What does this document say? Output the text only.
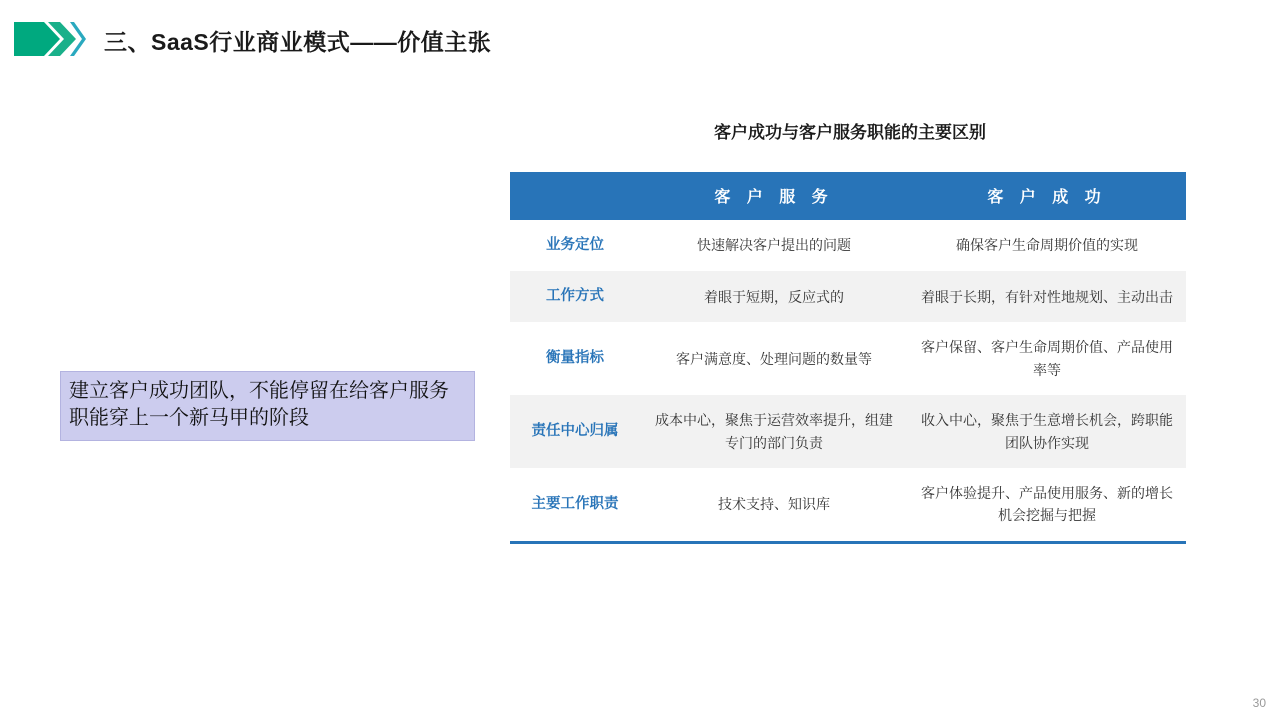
三、SaaS行业商业模式——价值主张
建立客户成功团队，不能停留在给客户服务职能穿上一个新马甲的阶段
客户成功与客户服务职能的主要区别
	客 户 服 务	客 户 成 功
业务定位	快速解决客户提出的问题	确保客户生命周期价值的实现
工作方式	着眼于短期，反应式的	着眼于长期，有针对性地规划、主动出击
衡量指标	客户满意度、处理问题的数量等	客户保留、客户生命周期价值、产品使用率等
责任中心归属	成本中心，聚焦于运营效率提升，组建专门的部门负责	收入中心，聚焦于生意增长机会，跨职能团队协作实现
主要工作职责	技术支持、知识库	客户体验提升、产品使用服务、新的增长机会挖掘与把握
30
